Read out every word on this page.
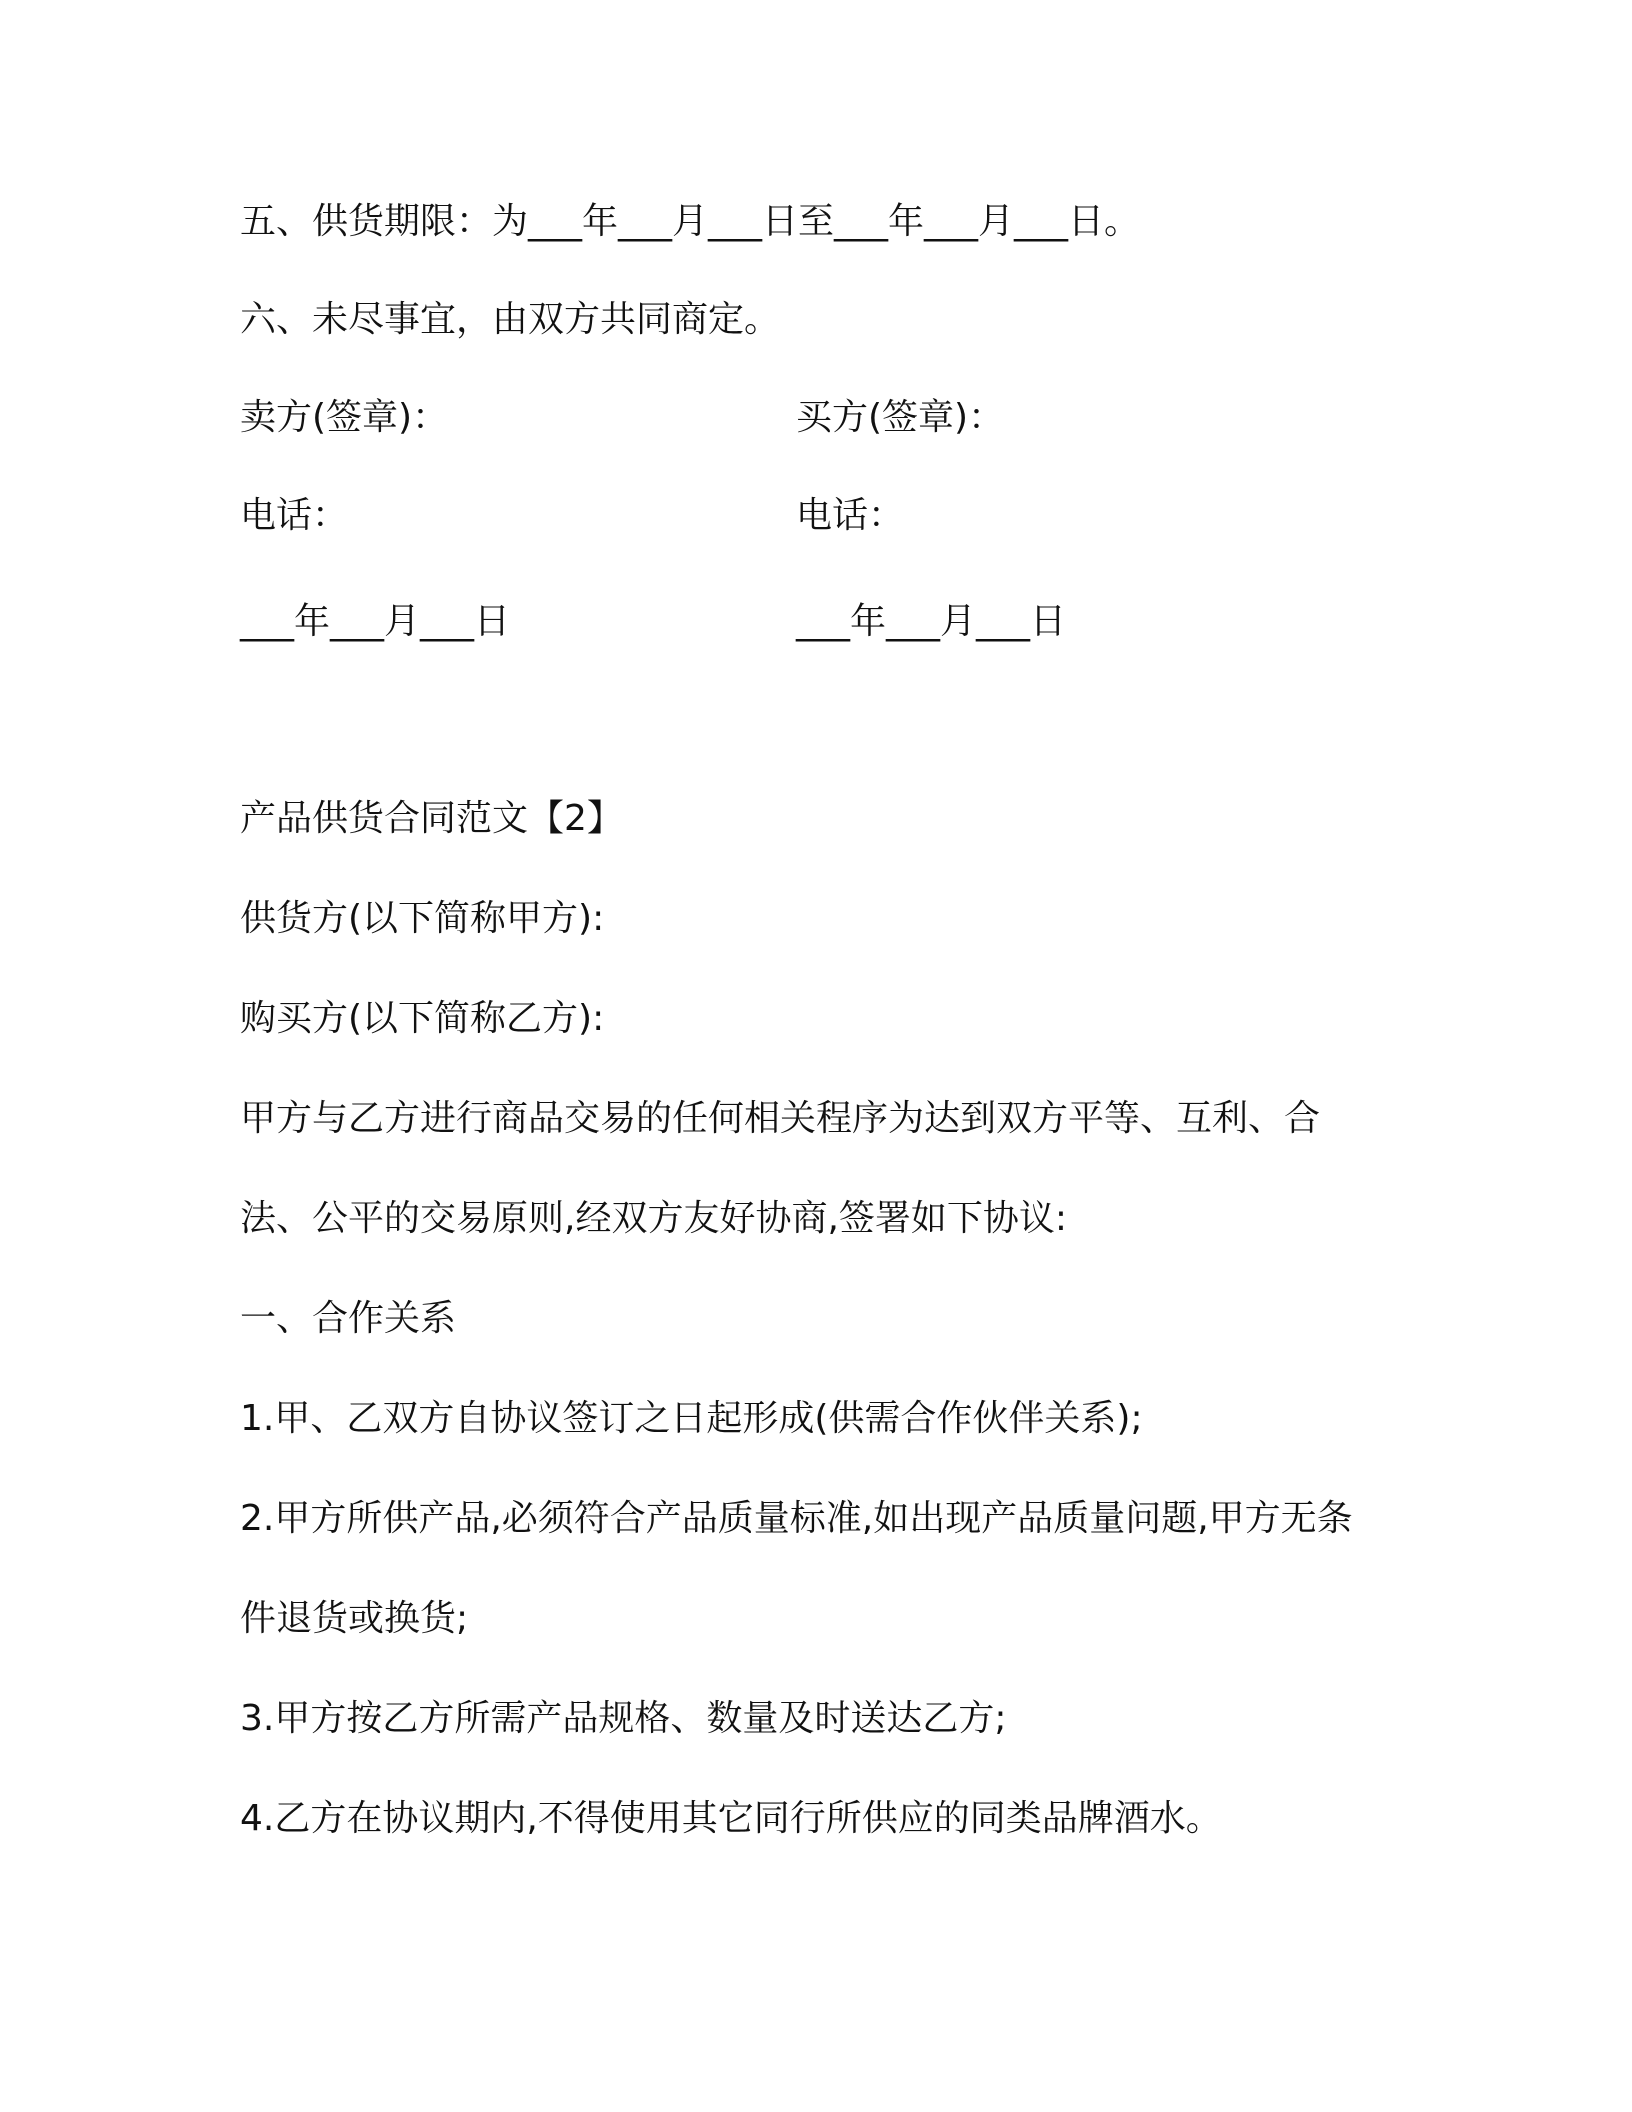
五、供货期限：为___年___月___日至___年___月___日。
六、未尽事宜，由双方共同商定。
卖方(签章)：	买方(签章)：
电话：	电话：
___年___月___日	___年___月___日
产品供货合同范文【2】
供货方(以下简称甲方):
购买方(以下简称乙方):
甲方与乙方进行商品交易的任何相关程序为达到双方平等、互利、合
法、公平的交易原则,经双方友好协商,签署如下协议:
一、合作关系
1.甲、乙双方自协议签订之日起形成(供需合作伙伴关系);
2.甲方所供产品,必须符合产品质量标准,如出现产品质量问题,甲方无条
件退货或换货;
3.甲方按乙方所需产品规格、数量及时送达乙方;
4.乙方在协议期内,不得使用其它同行所供应的同类品牌酒水。
